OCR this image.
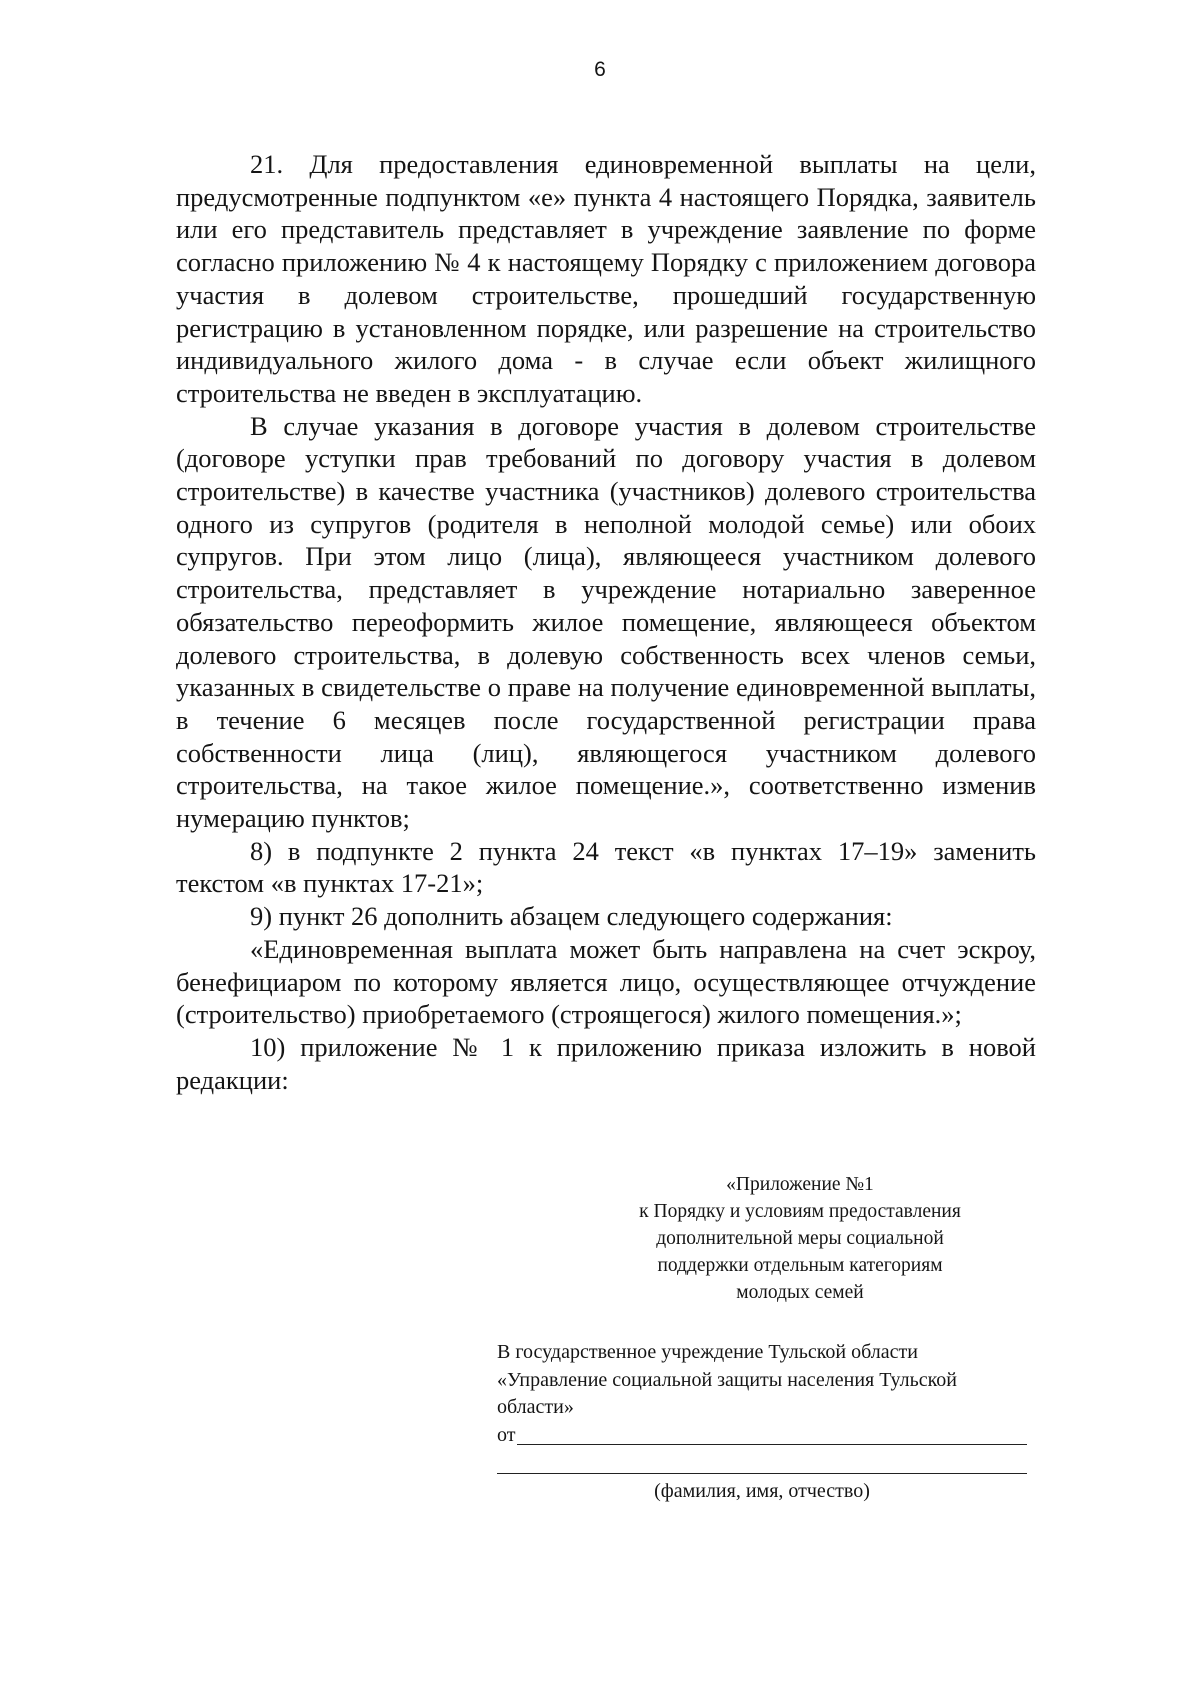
6

21. Для предоставления единовременной выплаты на цели, предусмотренные подпунктом «е» пункта 4 настоящего Порядка, заявитель или его представитель представляет в учреждение заявление по форме согласно приложению № 4 к настоящему Порядку с приложением договора участия в долевом строительстве, прошедший государственную регистрацию в установленном порядке, или разрешение на строительство индивидуального жилого дома - в случае если объект жилищного строительства не введен в эксплуатацию.

В случае указания в договоре участия в долевом строительстве (договоре уступки прав требований по договору участия в долевом строительстве) в качестве участника (участников) долевого строительства одного из супругов (родителя в неполной молодой семье) или обоих супругов. При этом лицо (лица), являющееся участником долевого строительства, представляет в учреждение нотариально заверенное обязательство переоформить жилое помещение, являющееся объектом долевого строительства, в долевую собственность всех членов семьи, указанных в свидетельстве о праве на получение единовременной выплаты, в течение 6 месяцев после государственной регистрации права собственности лица (лиц), являющегося участником долевого строительства, на такое жилое помещение.», соответственно изменив нумерацию пунктов;

8) в подпункте 2 пункта 24 текст «в пунктах 17–19» заменить текстом «в пунктах 17-21»;

9) пункт 26 дополнить абзацем следующего содержания:

«Единовременная выплата может быть направлена на счет эскроу, бенефициаром по которому является лицо, осуществляющее отчуждение (строительство) приобретаемого (строящегося) жилого помещения.»;

10) приложение № 1 к приложению приказа изложить в новой редакции:

«Приложение №1
к Порядку и условиям предоставления
дополнительной меры социальной
поддержки отдельным категориям
молодых семей
В государственное учреждение Тульской области
«Управление социальной защиты населения Тульской
области»
от
(фамилия, имя, отчество)
